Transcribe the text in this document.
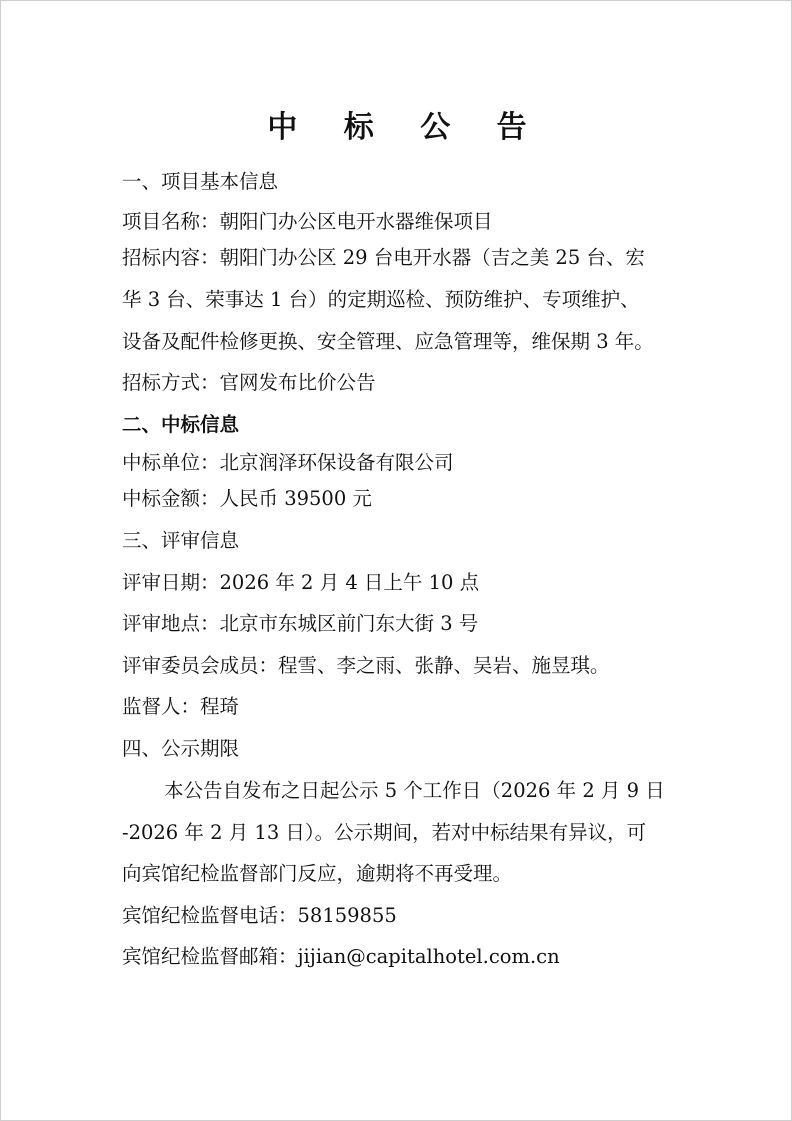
中 标 公 告
一、项目基本信息
项目名称：朝阳门办公区电开水器维保项目
招标内容：朝阳门办公区 29 台电开水器（吉之美 25 台、宏
华 3 台、荣事达 1 台）的定期巡检、预防维护、专项维护、
设备及配件检修更换、安全管理、应急管理等，维保期 3 年。
招标方式：官网发布比价公告
二、中标信息
中标单位：北京润泽环保设备有限公司
中标金额：人民币 39500 元
三、评审信息
评审日期：2026 年 2 月 4 日上午 10 点
评审地点：北京市东城区前门东大街 3 号
评审委员会成员：程雪、李之雨、张静、吴岩、施昱琪。
监督人：程琦
四、公示期限
本公告自发布之日起公示 5 个工作日（2026 年 2 月 9 日
-2026 年 2 月 13 日）。公示期间，若对中标结果有异议，可
向宾馆纪检监督部门反应，逾期将不再受理。
宾馆纪检监督电话：58159855
宾馆纪检监督邮箱：jijian@capitalhotel.com.cn
